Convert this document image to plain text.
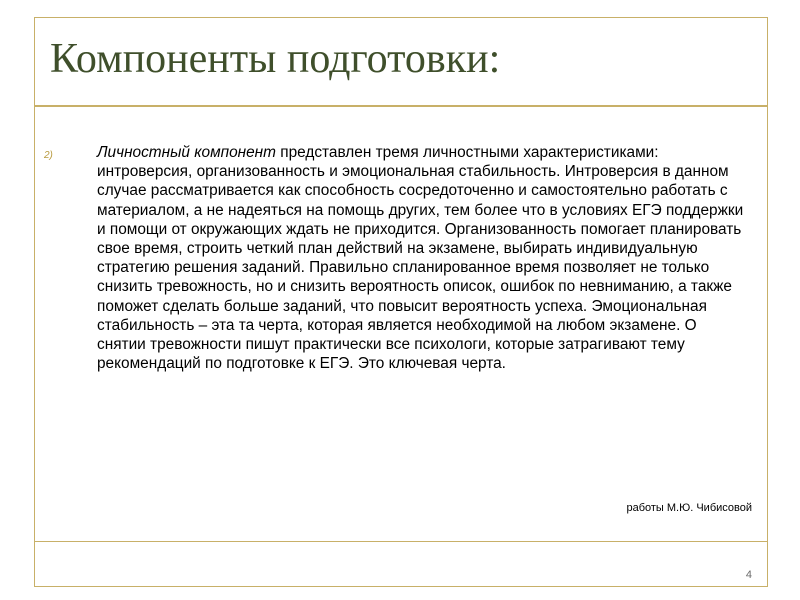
Компоненты подготовки:
2)	Личностный компонент представлен тремя личностными характеристиками: интроверсия, организованность и эмоциональная стабильность. Интроверсия в данном случае рассматривается как способность сосредоточенно и самостоятельно работать с материалом, а не надеяться на помощь других, тем более что в условиях ЕГЭ поддержки и помощи от окружающих ждать не приходится. Организованность помогает планировать свое время, строить четкий план действий на экзамене, выбирать индивидуальную стратегию решения заданий. Правильно спланированное время позволяет не только снизить тревожность, но и снизить вероятность описок, ошибок по невниманию, а также поможет сделать больше заданий, что повысит вероятность успеха. Эмоциональная стабильность – эта та черта, которая является необходимой на любом экзамене. О снятии тревожности пишут практически все психологи, которые затрагивают тему рекомендаций по подготовке к ЕГЭ. Это ключевая черта.
работы М.Ю. Чибисовой
4
